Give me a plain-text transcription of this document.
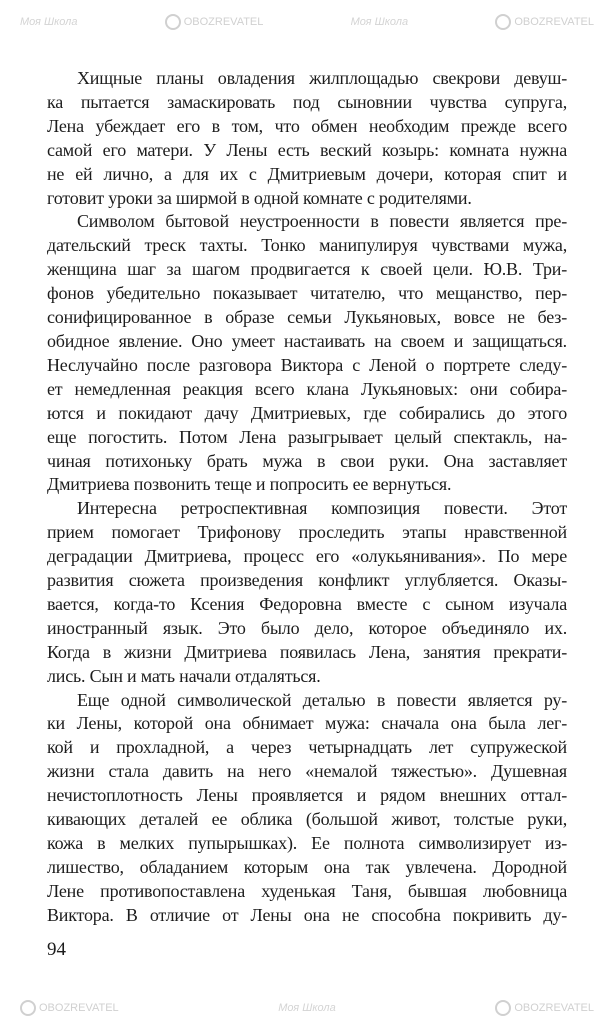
Моя Школа	OBOZREVATEL	Моя Школа	OBOZREVATEL
Хищные планы овладения жилплощадью свекрови девуш-
ка пытается замаскировать под сыновнии чувства супруга,
Лена убеждает его в том, что обмен необходим прежде всего
самой его матери. У Лены есть веский козырь: комната нужна
не ей лично, а для их с Дмитриевым дочери, которая спит и
готовит уроки за ширмой в одной комнате с родителями.
Символом бытовой неустроенности в повести является пре-
дательский треск тахты. Тонко манипулируя чувствами мужа,
женщина шаг за шагом продвигается к своей цели. Ю.В. Три-
фонов убедительно показывает читателю, что мещанство, пер-
сонифицированное в образе семьи Лукьяновых, вовсе не без-
обидное явление. Оно умеет настаивать на своем и защищаться.
Неслучайно после разговора Виктора с Леной о портрете следу-
ет немедленная реакция всего клана Лукьяновых: они собира-
ются и покидают дачу Дмитриевых, где собирались до этого
еще погостить. Потом Лена разыгрывает целый спектакль, на-
чиная потихоньку брать мужа в свои руки. Она заставляет
Дмитриева позвонить теще и попросить ее вернуться.
Интересна ретроспективная композиция повести. Этот
прием помогает Трифонову проследить этапы нравственной
деградации Дмитриева, процесс его «олукьянивания». По мере
развития сюжета произведения конфликт углубляется. Оказы-
вается, когда-то Ксения Федоровна вместе с сыном изучала
иностранный язык. Это было дело, которое объединяло их.
Когда в жизни Дмитриева появилась Лена, занятия прекрати-
лись. Сын и мать начали отдаляться.
Еще одной символической деталью в повести является ру-
ки Лены, которой она обнимает мужа: сначала она была лег-
кой и прохладной, а через четырнадцать лет супружеской
жизни стала давить на него «немалой тяжестью». Душевная
нечистоплотность Лены проявляется и рядом внешних оттал-
кивающих деталей ее облика (большой живот, толстые руки,
кожа в мелких пупырышках). Ее полнота символизирует из-
лишество, обладанием которым она так увлечена. Дородной
Лене противопоставлена худенькая Таня, бывшая любовница
Виктора. В отличие от Лены она не способна покривить ду-
94
OBOZREVATEL	Моя Школа	OBOZREVATEL
